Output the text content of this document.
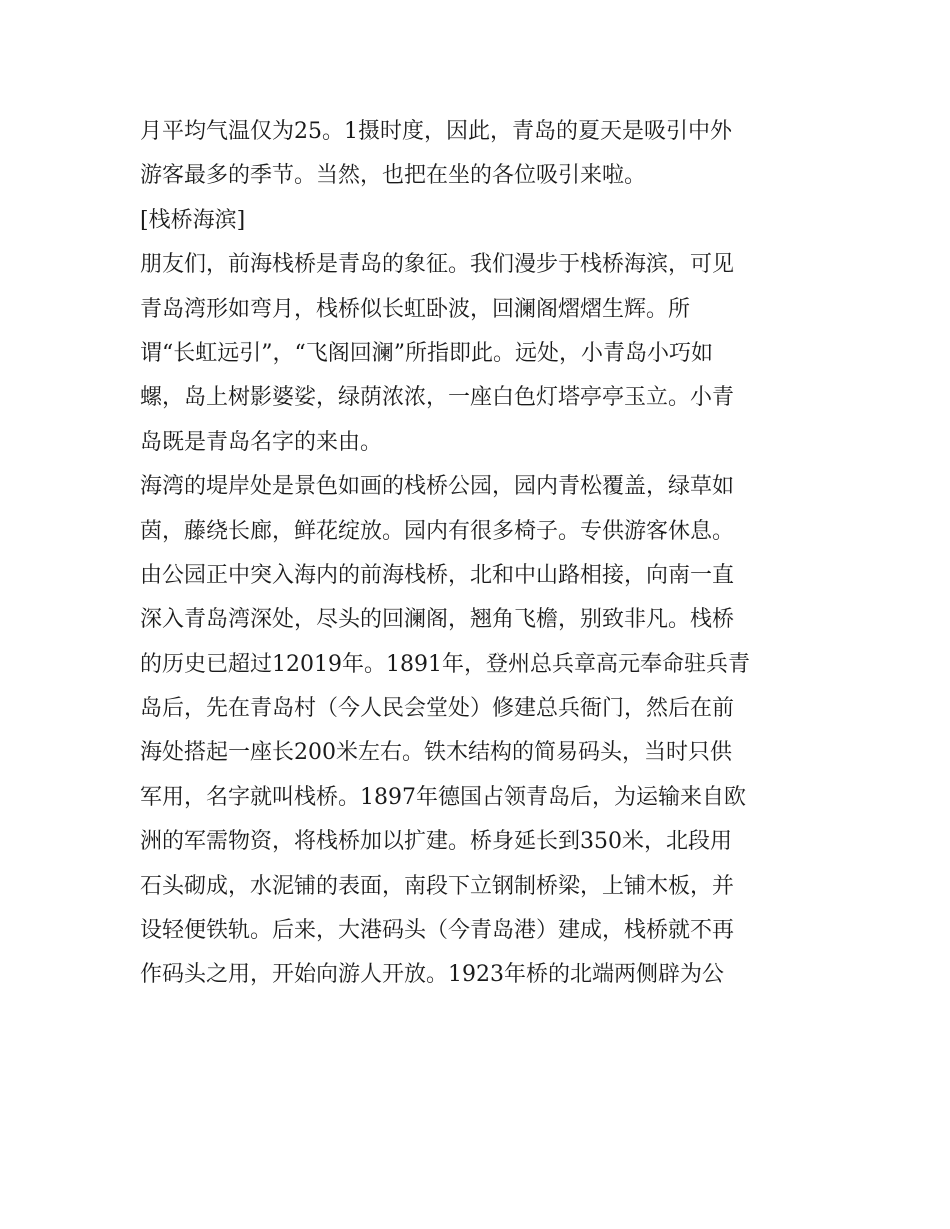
月平均气温仅为25。1摄时度，因此，青岛的夏天是吸引中外
游客最多的季节。当然，也把在坐的各位吸引来啦。
[栈桥海滨]
朋友们，前海栈桥是青岛的象征。我们漫步于栈桥海滨，可见
青岛湾形如弯月，栈桥似长虹卧波，回澜阁熠熠生辉。所
谓“长虹远引”，“飞阁回澜”所指即此。远处，小青岛小巧如
螺，岛上树影婆娑，绿荫浓浓，一座白色灯塔亭亭玉立。小青
岛既是青岛名字的来由。
海湾的堤岸处是景色如画的栈桥公园，园内青松覆盖，绿草如
茵，藤绕长廊，鲜花绽放。园内有很多椅子。专供游客休息。
由公园正中突入海内的前海栈桥，北和中山路相接，向南一直
深入青岛湾深处，尽头的回澜阁，翘角飞檐，别致非凡。栈桥
的历史已超过12019年。1891年，登州总兵章高元奉命驻兵青
岛后，先在青岛村（今人民会堂处）修建总兵衙门，然后在前
海处搭起一座长200米左右。铁木结构的简易码头，当时只供
军用，名字就叫栈桥。1897年德国占领青岛后，为运输来自欧
洲的军需物资，将栈桥加以扩建。桥身延长到350米，北段用
石头砌成，水泥铺的表面，南段下立钢制桥梁，上铺木板，并
设轻便铁轨。后来，大港码头（今青岛港）建成，栈桥就不再
作码头之用，开始向游人开放。1923年桥的北端两侧辟为公
